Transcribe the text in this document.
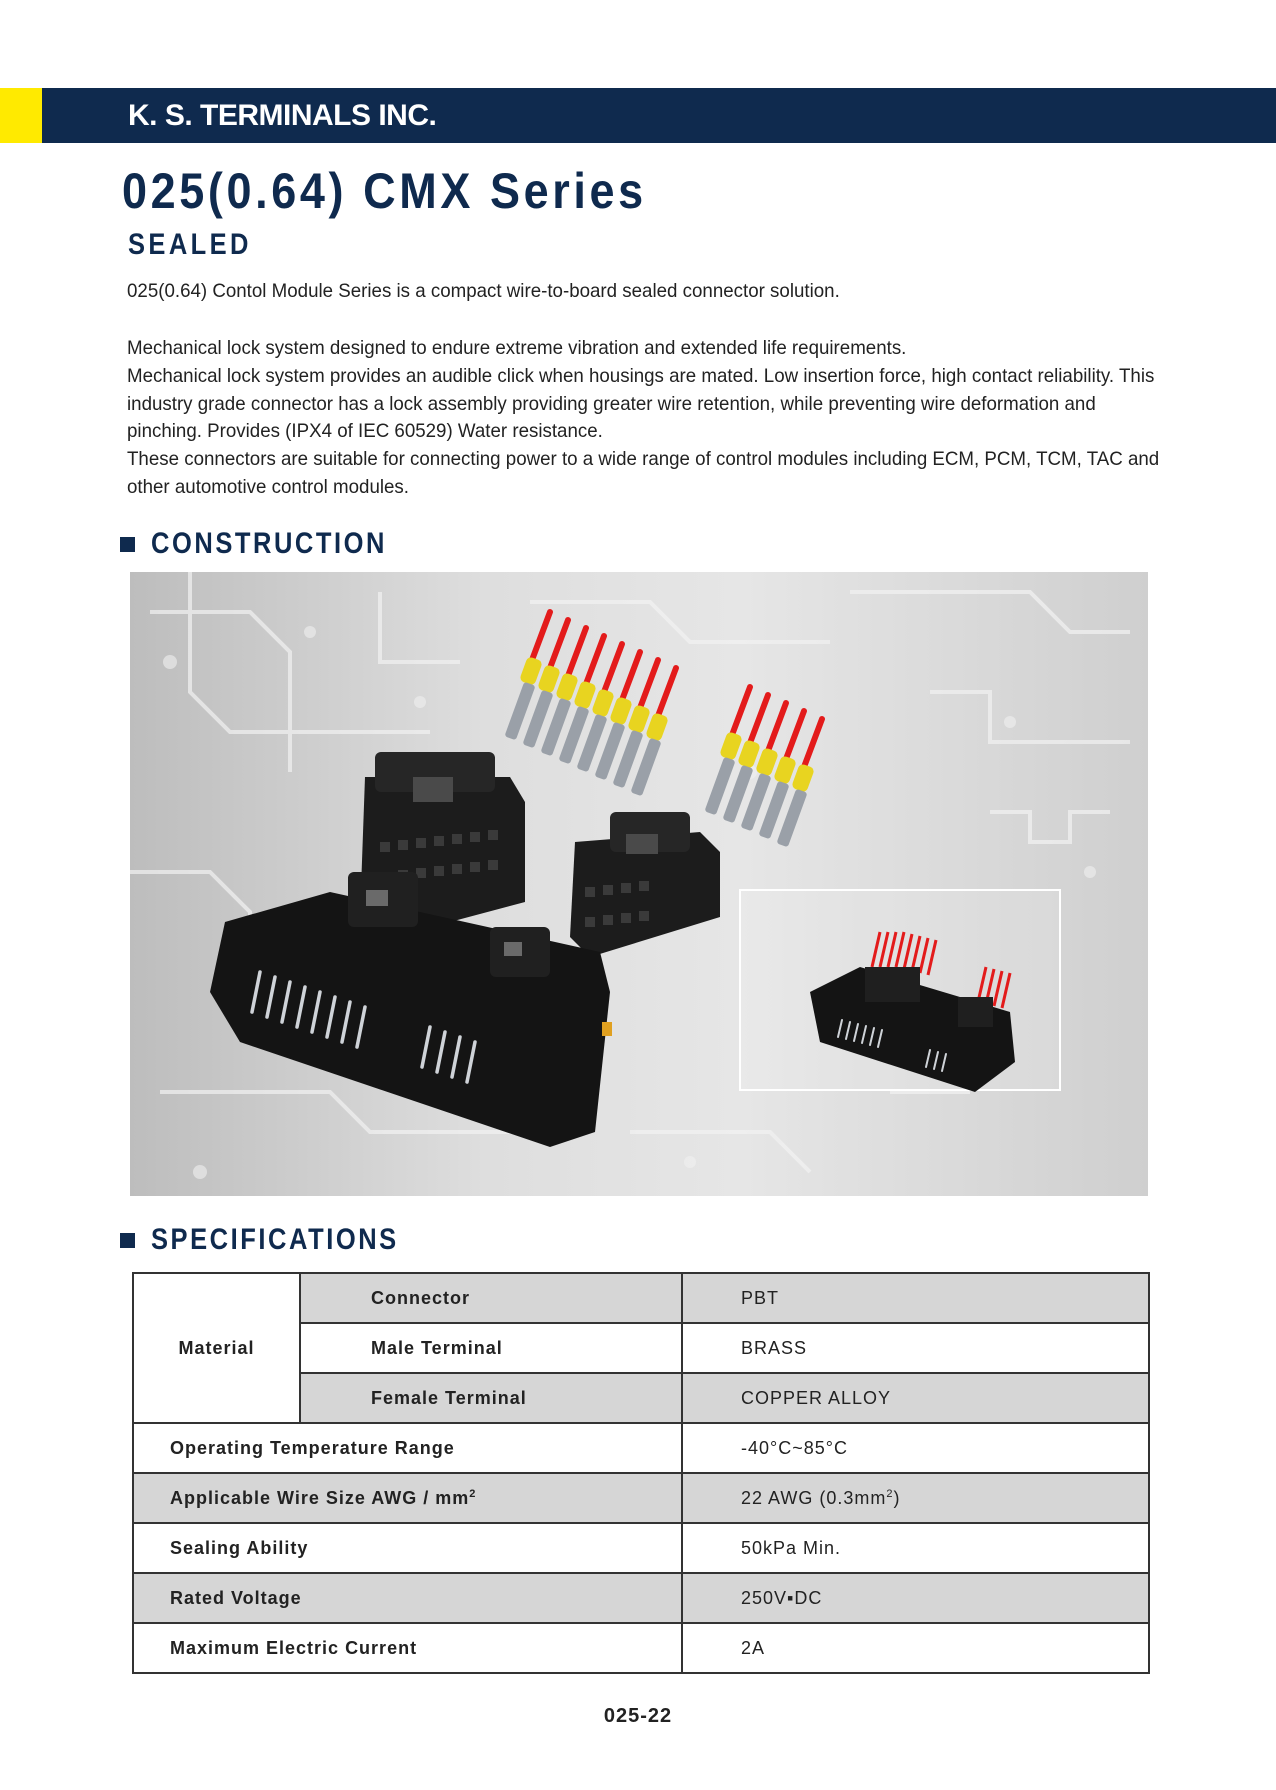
K. S. TERMINALS INC.
025(0.64) CMX Series
SEALED
025(0.64) Contol Module Series is a compact wire-to-board sealed connector solution.

Mechanical lock system designed to endure extreme vibration and extended life requirements.

Mechanical lock system provides an audible click when housings are mated. Low insertion force, high contact reliability. This industry grade connector has a lock assembly providing greater wire retention, while preventing wire deformation and pinching. Provides (IPX4 of IEC 60529) Water resistance.

These connectors are suitable for connecting power to a wide range of control modules including ECM, PCM, TCM, TAC and other automotive control modules.

CONSTRUCTION
SPECIFICATIONS
Material	Connector	PBT
	Male Terminal	BRASS
	Female Terminal	COPPER ALLOY
Operating Temperature Range		-40°C~85°C
Applicable Wire Size AWG / $mm^2$		22 AWG $(0.3mm^2)$
Sealing Ability		50kPa Min.
Rated Voltage		250V▪DC
Maximum Electric Current		2A
025-22
